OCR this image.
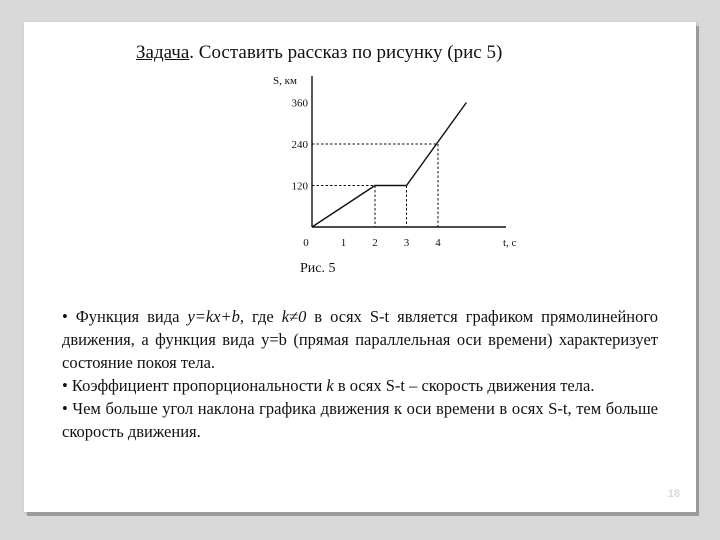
Задача. Составить рассказ по рисунку (рис 5)
S, км
t, c
120
240
360
0	1 2 3 4
Рис. 5

• Функция вида y=kx+b, где k≠0 в осях S-t является графиком прямолинейного движения, а функция вида y=b (прямая параллельная оси времени) характеризует состояние покоя тела.

• Коэффициент пропорциональности k в осях S-t – скорость движения тела.

• Чем больше угол наклона графика движения к оси времени в осях S-t, тем больше скорость движения.

18
